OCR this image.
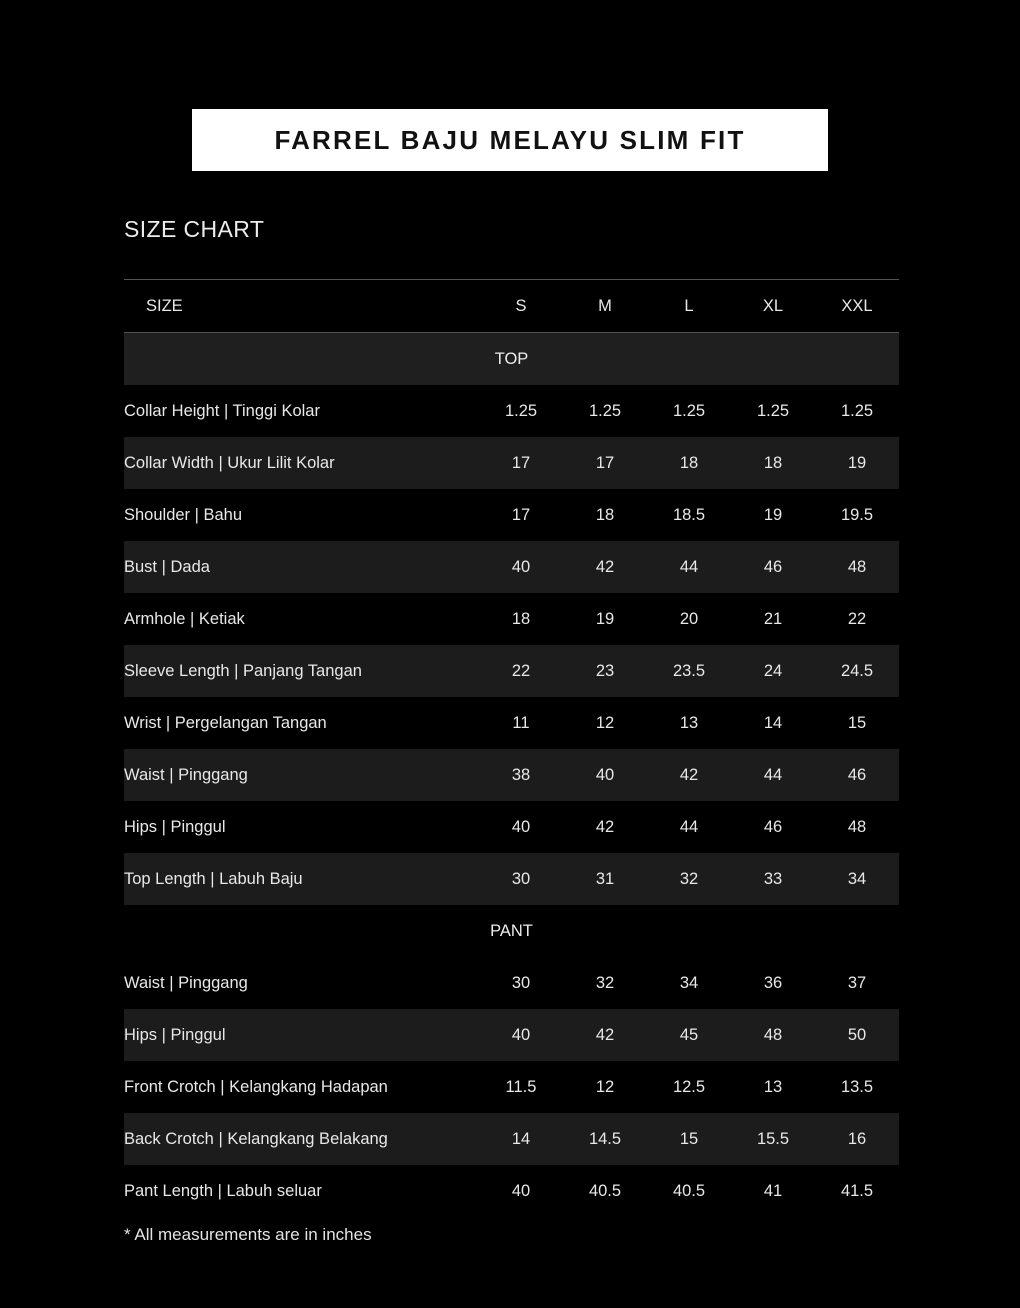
FARREL BAJU MELAYU SLIM FIT
SIZE CHART
SIZE	S	M	L	XL	XXL
TOP					
Collar Height | Tinggi Kolar	1.25	1.25	1.25	1.25	1.25
Collar Width | Ukur Lilit Kolar	17	17	18	18	19
Shoulder | Bahu	17	18	18.5	19	19.5
Bust | Dada	40	42	44	46	48
Armhole | Ketiak	18	19	20	21	22
Sleeve Length | Panjang Tangan	22	23	23.5	24	24.5
Wrist | Pergelangan Tangan	11	12	13	14	15
Waist | Pinggang	38	40	42	44	46
Hips | Pinggul	40	42	44	46	48
Top Length | Labuh Baju	30	31	32	33	34
PANT					
Waist | Pinggang	30	32	34	36	37
Hips | Pinggul	40	42	45	48	50
Front Crotch | Kelangkang Hadapan	11.5	12	12.5	13	13.5
Back Crotch | Kelangkang Belakang	14	14.5	15	15.5	16
Pant Length | Labuh seluar	40	40.5	40.5	41	41.5
* All measurements are in inches
